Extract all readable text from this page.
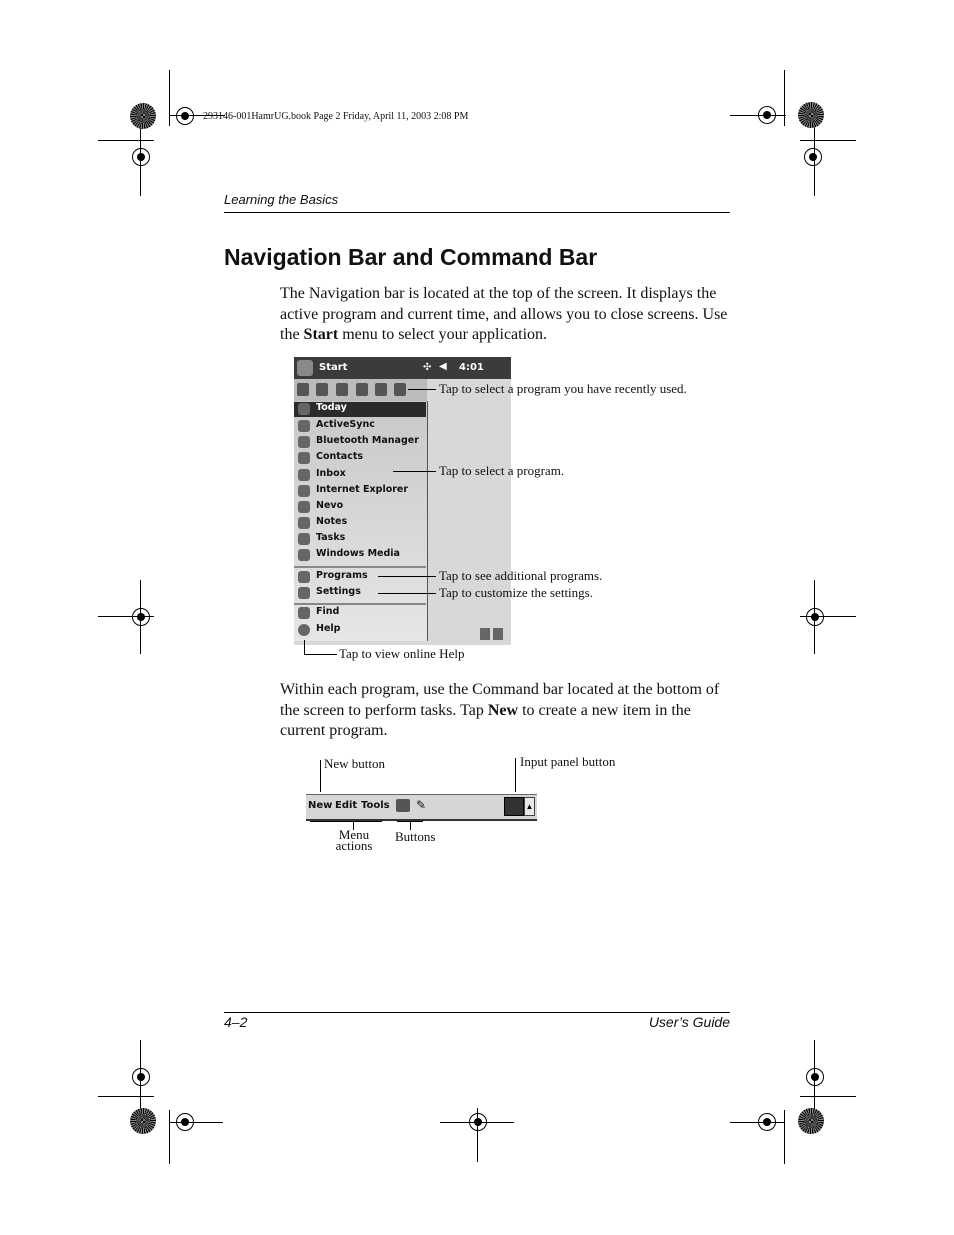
293146-001HamrUG.book Page 2 Friday, April 11, 2003 2:08 PM
Learning the Basics
Navigation Bar and Command Bar
The Navigation bar is located at the top of the screen. It displays the active program and current time, and allows you to close screens. Use the Start menu to select your application.
Start	✣ ◀ 4:01
Today
ActiveSync
Bluetooth Manager
Contacts
Inbox
Internet Explorer
Nevo
Notes
Tasks
Windows Media
Programs
Settings
Find
Help
Tap to select a program you have recently used.
Tap to select a program.
Tap to see additional programs.
Tap to customize the settings.
Tap to view online Help
Within each program, use the Command bar located at the bottom of the screen to perform tasks. Tap New to create a new item in the current program.
New button	Input panel button
New Edit Tools ✎	▲
Menu
actions
Buttons
4–2	User’s Guide
